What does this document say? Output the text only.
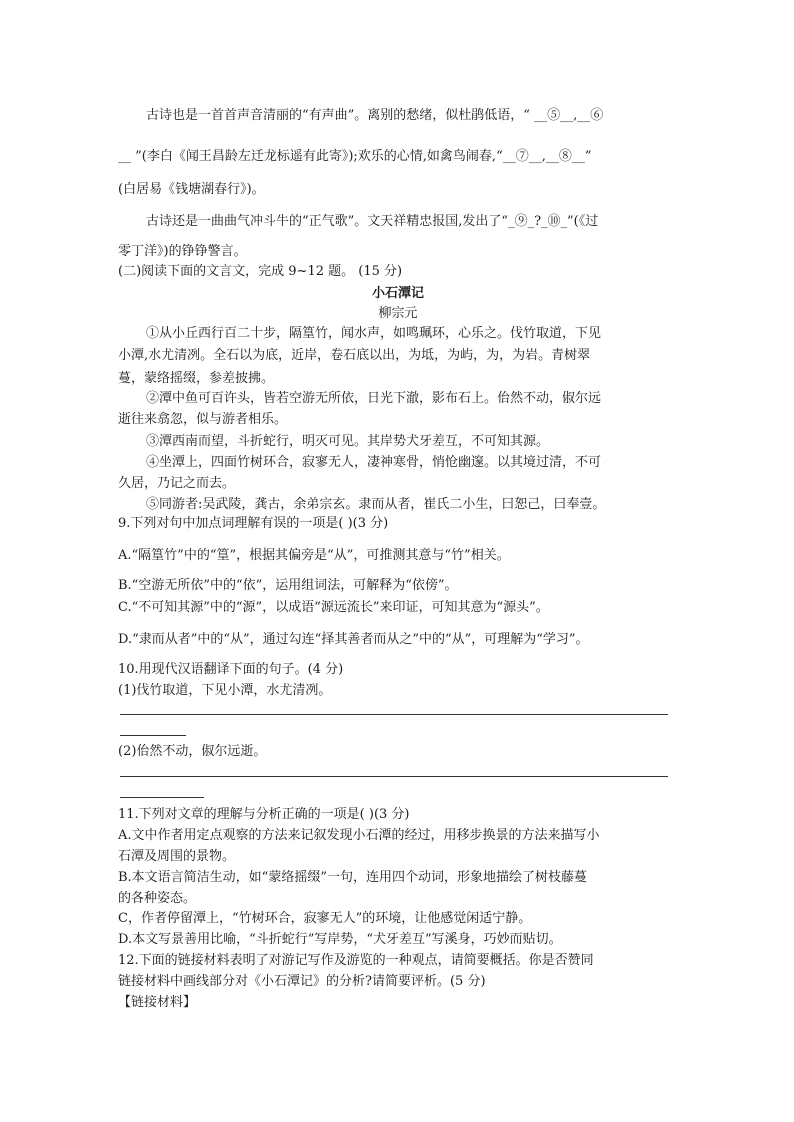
古诗也是一首首声音清丽的“有声曲”。离别的愁绪，似杜鹃低语，“ __⑤__,__⑥
__ ”(李白《闻王昌龄左迁龙标遥有此寄》);欢乐的心情,如禽鸟闹春,“__⑦__,__⑧__”
(白居易《钱塘湖春行》)。
古诗还是一曲曲气冲斗牛的“正气歌”。文天祥精忠报国,发出了“_⑨_?_⑩_”(《过
零丁洋》)的铮铮警言。
(二)阅读下面的文言文，完成 9~12 题。 (15 分)
小石潭记
柳宗元
①从小丘西行百二十步，隔篁竹，闻水声，如鸣珮环，心乐之。伐竹取道，下见
小潭,水尤清冽。全石以为底，近岸，卷石底以出，为坻，为屿，为，为岩。青树翠
蔓，蒙络摇缀，参差披拂。
②潭中鱼可百许头，皆若空游无所依，日光下澈，影布石上。佁然不动，俶尔远
逝往来翕忽，似与游者相乐。
③潭西南而望，斗折蛇行，明灭可见。其岸势犬牙差互，不可知其源。
④坐潭上，四面竹树环合，寂寥无人，凄神寒骨，悄怆幽邃。以其境过清，不可
久居，乃记之而去。
⑤同游者:吴武陵，龚古，余弟宗玄。隶而从者，崔氏二小生，曰恕己，曰奉壹。
9.下列对句中加点词理解有误的一项是( )(3 分)
A.“隔篁竹”中的“篁”，根据其偏旁是“从”，可推测其意与“竹”相关。
B.“空游无所依”中的“依”，运用组词法，可解释为“依傍”。
C.“不可知其源”中的“源”，以成语“源远流长”来印证，可知其意为“源头”。
D.“隶而从者”中的“从”，通过勾连“择其善者而从之”中的“从”，可理解为“学习”。
10.用现代汉语翻译下面的句子。(4 分)
(1)伐竹取道，下见小潭，水尤清冽。
(2)佁然不动，俶尔远逝。
11.下列对文章的理解与分析正确的一项是( )(3 分)
A.文中作者用定点观察的方法来记叙发现小石潭的经过，用移步换景的方法来描写小
石潭及周围的景物。
B.本文语言简洁生动，如“蒙络摇缀”一句，连用四个动词，形象地描绘了树枝藤蔓
的各种姿态。
C，作者停留潭上，“竹树环合，寂寥无人”的环境，让他感觉闲适宁静。
D.本文写景善用比喻，“斗折蛇行”写岸势，“犬牙差互”写溪身，巧妙而贴切。
12.下面的链接材料表明了对游记写作及游览的一种观点，请简要概括。你是否赞同
链接材料中画线部分对《小石潭记》的分析?请简要评析。(5 分)
【链接材料】
